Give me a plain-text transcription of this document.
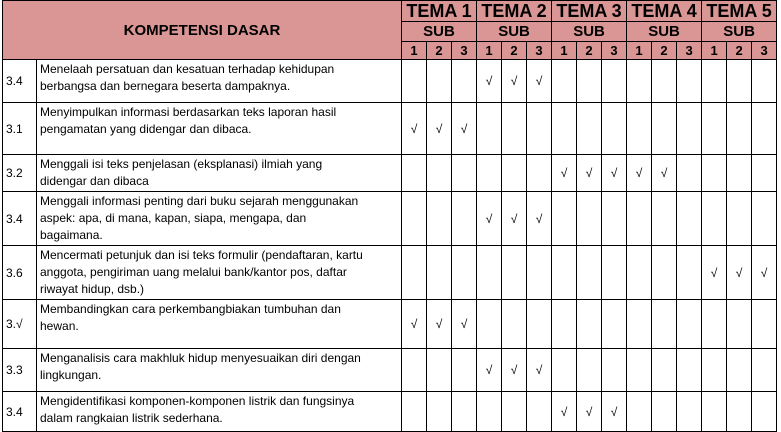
KOMPETENSI DASAR		TEMA 1			TEMA 2			TEMA 3			TEMA 4			TEMA 5		
		SUB			SUB			SUB			SUB			SUB		
		1	2	3	1	2	3	1	2	3	1	2	3	1	2	3
3.4	Menelaah persatuan dan kesatuan terhadap kehidupan
berbangsa dan bernegara beserta dampaknya.				√	√	√									
3.1	Menyimpulkan informasi berdasarkan teks laporan hasil
pengamatan yang didengar dan dibaca.	√	√	√												
3.2	Menggali isi teks penjelasan (eksplanasi) ilmiah yang
didengar dan dibaca							√	√	√	√	√				
3.4	Menggali informasi penting dari buku sejarah menggunakan
aspek: apa, di mana, kapan, siapa, mengapa, dan
bagaimana.				√	√	√									
3.6	Mencermati petunjuk dan isi teks formulir (pendaftaran, kartu
anggota, pengiriman uang melalui bank/kantor pos, daftar
riwayat hidup, dsb.)													√	√	√
3.√	Membandingkan cara perkembangbiakan tumbuhan dan
hewan.	√	√	√												
3.3	Menganalisis cara makhluk hidup menyesuaikan diri dengan
lingkungan.				√	√	√									
3.4	Mengidentifikasi komponen-komponen listrik dan fungsinya
dalam rangkaian listrik sederhana.							√	√	√						
